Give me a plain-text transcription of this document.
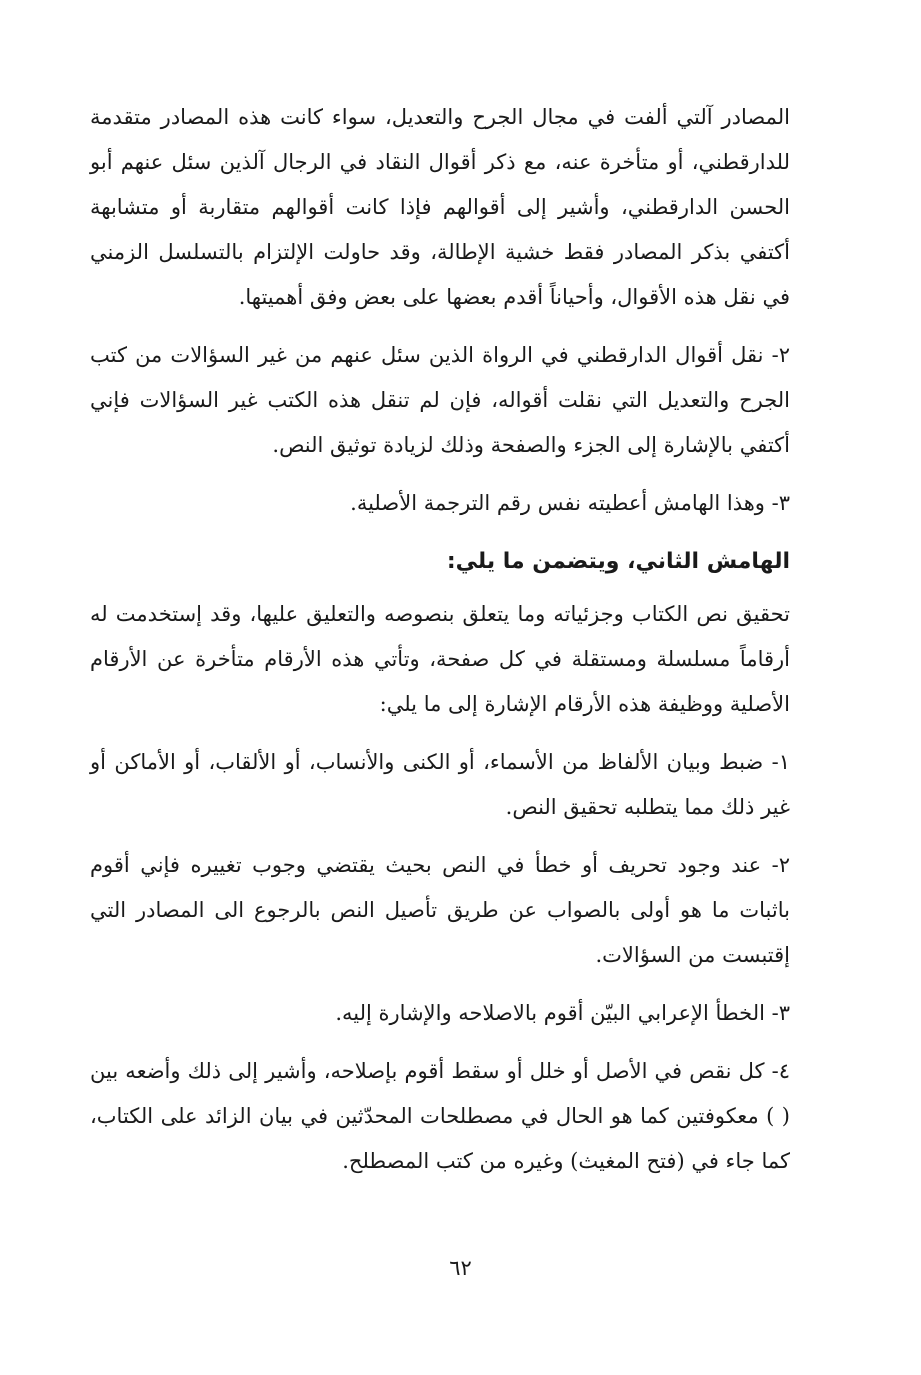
المصادر آلتي ألفت في مجال الجرح والتعديل، سواء كانت هذه المصادر متقدمة للدارقطني، أو متأخرة عنه، مع ذكر أقوال النقاد في الرجال آلذين سئل عنهم أبو الحسن الدارقطني، وأشير إلى أقوالهم فإذا كانت أقوالهم متقاربة أو متشابهة أكتفي بذكر المصادر فقط خشية الإطالة، وقد حاولت الإلتزام بالتسلسل الزمني في نقل هذه الأقوال، وأحياناً أقدم بعضها على بعض وفق أهميتها.

٢- نقل أقوال الدارقطني في الرواة الذين سئل عنهم من غير السؤالات من كتب الجرح والتعديل التي نقلت أقواله، فإن لم تنقل هذه الكتب غير السؤالات فإني أكتفي بالإشارة إلى الجزء والصفحة وذلك لزيادة توثيق النص.

٣- وهذا الهامش أعطيته نفس رقم الترجمة الأصلية.

الهامش الثاني، ويتضمن ما يلي:

تحقيق نص الكتاب وجزئياته وما يتعلق بنصوصه والتعليق عليها، وقد إستخدمت له أرقاماً مسلسلة ومستقلة في كل صفحة، وتأتي هذه الأرقام متأخرة عن الأرقام الأصلية ووظيفة هذه الأرقام الإشارة إلى ما يلي:

١- ضبط وبيان الألفاظ من الأسماء، أو الكنى والأنساب، أو الألقاب، أو الأماكن أو غير ذلك مما يتطلبه تحقيق النص.

٢- عند وجود تحريف أو خطأ في النص بحيث يقتضي وجوب تغييره فإني أقوم باثبات ما هو أولى بالصواب عن طريق تأصيل النص بالرجوع الى المصادر التي إقتبست من السؤالات.

٣- الخطأ الإعرابي البيّن أقوم بالاصلاحه والإشارة إليه.

٤- كل نقص في الأصل أو خلل أو سقط أقوم بإصلاحه، وأشير إلى ذلك وأضعه بين ( ) معكوفتين كما هو الحال في مصطلحات المحدّثين في بيان الزائد على الكتاب، كما جاء في (فتح المغيث) وغيره من كتب المصطلح.

٦٢
